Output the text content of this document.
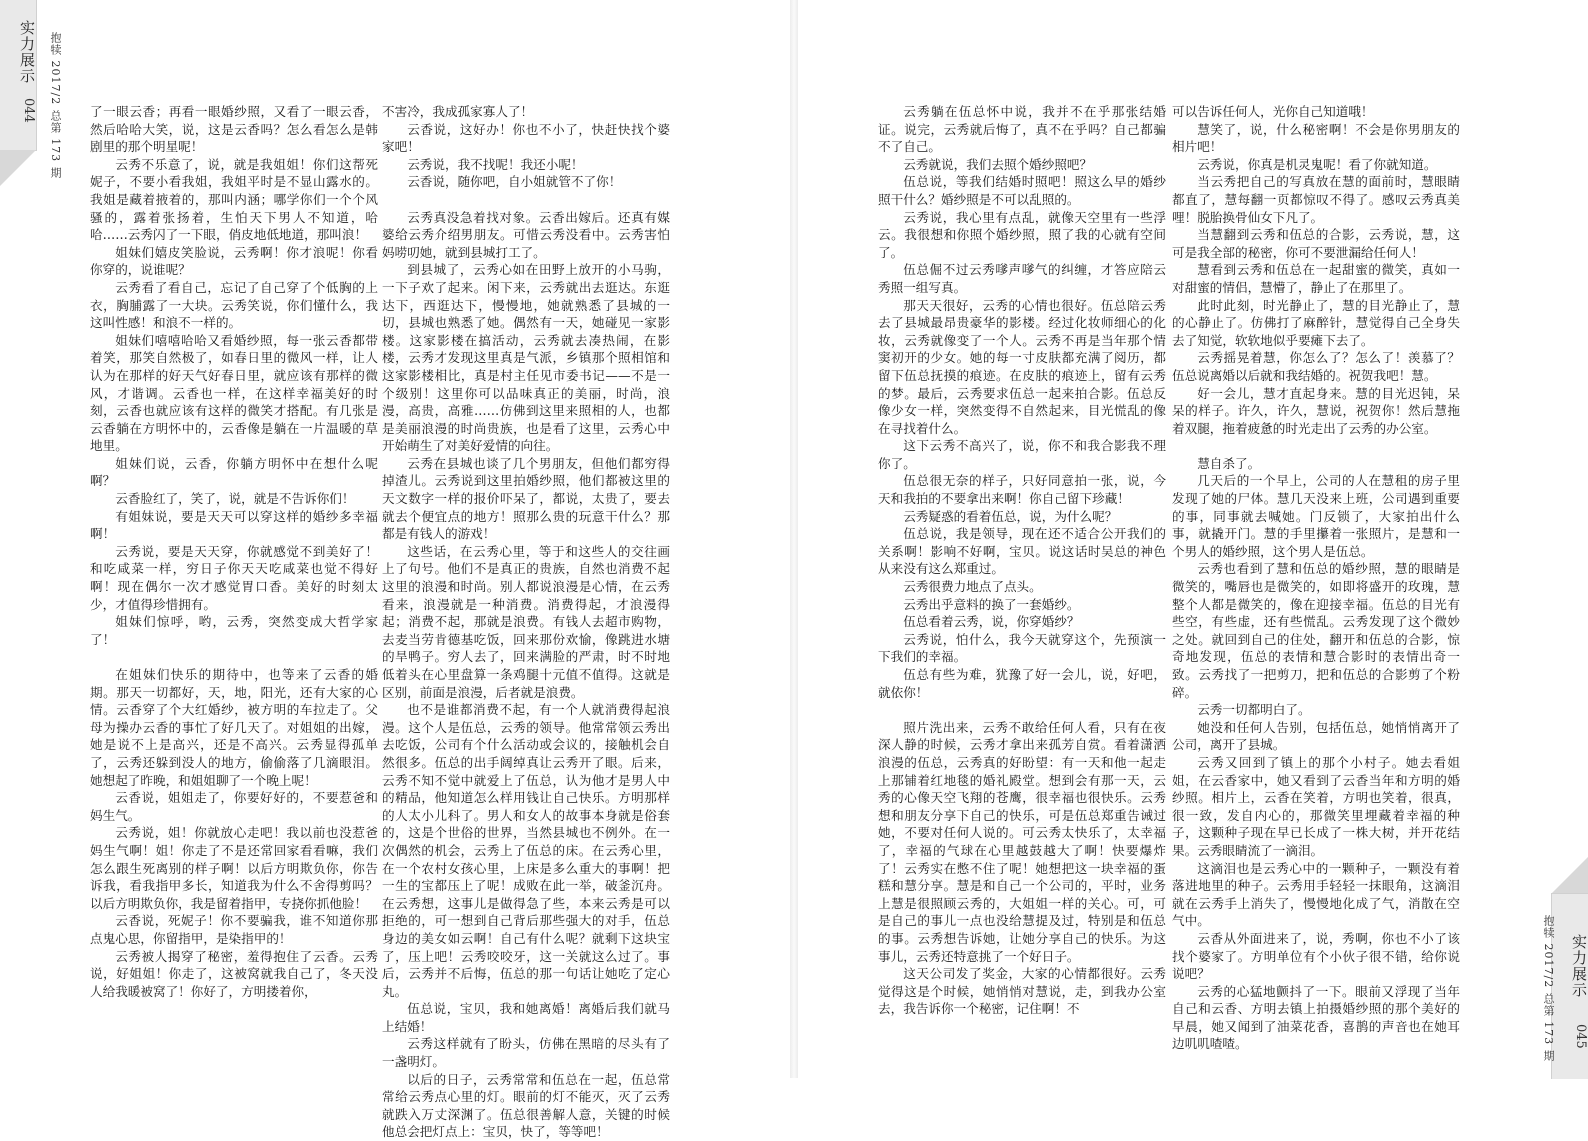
实力展示
044 抱犊 2017/2 总第 173 期 了一眼云香；再看一眼婚纱照，又看了一眼云香，然后哈哈大笑，说，这是云香吗？怎么看怎么是韩剧里的那个明星呢！

云秀不乐意了，说，就是我姐姐！你们这帮死妮子，不要小看我姐，我姐平时是不显山露水的。我姐是藏着掖着的，那叫内涵；哪学你们一个个风骚的，露着张扬着，生怕天下男人不知道，哈哈……云秀闪了一下眼，俏皮地低地道，那叫浪！

姐妹们嬉皮笑脸说，云秀啊！你才浪呢！你看你穿的，说谁呢？

云秀看了看自己，忘记了自己穿了个低胸的上衣，胸脯露了一大块。云秀笑说，你们懂什么，我这叫性感！和浪不一样的。

姐妹们嘻嘻哈哈又看婚纱照，每一张云香都带着笑，那笑自然极了，如春日里的微风一样，让人认为在那样的好天气好春日里，就应该有那样的微风，才谐调。云香也一样，在这样幸福美好的时刻，云香也就应该有这样的微笑才搭配。有几张是云香躺在方明怀中的，云香像是躺在一片温暖的草地里。

姐妹们说，云香，你躺方明怀中在想什么呢啊？

云香脸红了，笑了，说，就是不告诉你们！

有姐妹说，要是天天可以穿这样的婚纱多幸福啊！

云秀说，要是天天穿，你就感觉不到美好了！和吃咸菜一样，穷日子你天天吃咸菜也觉不得好啊！现在偶尔一次才感觉胃口香。美好的时刻太少，才值得珍惜拥有。

姐妹们惊呼，哟，云秀，突然变成大哲学家了！

在姐妹们快乐的期待中，也等来了云香的婚期。那天一切都好，天，地，阳光，还有大家的心情。云香穿了个大红婚纱，被方明的车拉走了。父母为操办云香的事忙了好几天了。对姐姐的出嫁，她是说不上是高兴，还是不高兴。云秀显得孤单了，云秀还躲到没人的地方，偷偷落了几滴眼泪。她想起了昨晚，和姐姐聊了一个晚上呢！

云香说，姐姐走了，你要好好的，不要惹爸和妈生气。

云秀说，姐！你就放心走吧！我以前也没惹爸妈生气啊！姐！你走了不是还常回家看看嘛，我们怎么跟生死离别的样子啊！以后方明欺负你，你告诉我，看我指甲多长，知道我为什么不舍得剪吗？以后方明欺负你，我是留着指甲，专挠你抓他脸！

云香说，死妮子！你不要骗我，谁不知道你那点鬼心思，你留指甲，是染指甲的！

云秀被人揭穿了秘密，羞得抱住了云香。云秀说，好姐姐！你走了，这被窝就我自己了，冬天没人给我暖被窝了！你好了，方明搂着你，

不害冷，我成孤家寡人了！

云香说，这好办！你也不小了，快赶快找个婆家吧！

云秀说，我不找呢！我还小呢！

云香说，随你吧，自小姐就管不了你！

云秀真没急着找对象。云香出嫁后。还真有媒婆给云秀介绍男朋友。可惜云秀没看中。云秀害怕妈唠叨她，就到县城打工了。

到县城了，云秀心如在田野上放开的小马驹，一下子欢了起来。闲下来，云秀就出去逛达。东逛达下，西逛达下，慢慢地，她就熟悉了县城的一切，县城也熟悉了她。偶然有一天，她碰见一家影楼。这家影楼在搞活动，云秀就去凑热闹，在影楼，云秀才发现这里真是气派，乡镇那个照相馆和这家影楼相比，真是村主任见市委书记——不是一个级别！这里你可以品味真正的美丽，时尚，浪漫，高贵，高雅……仿佛到这里来照相的人，也都是美丽浪漫的时尚贵族，也是看了这里，云秀心中开始萌生了对美好爱情的向往。

云秀在县城也谈了几个男朋友，但他们都穷得掉渣儿。云秀说到这里拍婚纱照，他们都被这里的天文数字一样的报价吓呆了，都说，太贵了，要去就去个便宜点的地方！照那么贵的玩意干什么？那都是有钱人的游戏！

这些话，在云秀心里，等于和这些人的交往画上了句号。他们不是真正的贵族，自然也消费不起这里的浪漫和时尚。别人都说浪漫是心情，在云秀看来，浪漫就是一种消费。消费得起，才浪漫得起；消费不起，那就是浪费。有钱人去超市购物，去麦当劳肯德基吃饭，回来那份欢愉，像跳进水塘的旱鸭子。穷人去了，回来满脸的严肃，时不时地低着头在心里盘算一条鸡腿十元值不值得。这就是区别，前面是浪漫，后者就是浪费。

也不是谁都消费不起，有一个人就消费得起浪漫。这个人是伍总，云秀的领导。他常常领云秀出去吃饭，公司有个什么活动或会议的，接触机会自然很多。伍总的出手阔绰真让云秀开了眼。后来，云秀不知不觉中就爱上了伍总，认为他才是男人中的精品，他知道怎么样用钱让自己快乐。方明那样的人太小儿科了。男人和女人的故事本身就是俗套的，这是个世俗的世界，当然县城也不例外。在一次偶然的机会，云秀上了伍总的床。在云秀心里，在一个农村女孩心里，上床是多么重大的事啊！把一生的宝都压上了呢！成败在此一举，破釜沉舟。在云秀想，这事儿是做得急了些，本来云秀是可以拒绝的，可一想到自己背后那些强大的对手，伍总身边的美女如云啊！自己有什么呢？就剩下这块宝了，压上吧！云秀咬咬牙，这一关就这么过了。事后，云秀并不后悔，伍总的那一句话让她吃了定心丸。

伍总说，宝贝，我和她离婚！离婚后我们就马上结婚！

云秀这样就有了盼头，仿佛在黑暗的尽头有了一盏明灯。

以后的日子，云秀常常和伍总在一起，伍总常常给云秀点心里的灯。眼前的灯不能灭，灭了云秀就跌入万丈深渊了。伍总很善解人意，关键的时候他总会把灯点上：宝贝，快了，等等吧！

云秀躺在伍总怀中说，我并不在乎那张结婚证。说完，云秀就后悔了，真不在乎吗？自己都骗不了自己。

云秀就说，我们去照个婚纱照吧？

伍总说，等我们结婚时照吧！照这么早的婚纱照干什么？婚纱照是不可以乱照的。

云秀说，我心里有点乱，就像天空里有一些浮云。我很想和你照个婚纱照，照了我的心就有空间了。

伍总倔不过云秀嗲声嗲气的纠缠，才答应陪云秀照一组写真。

那天天很好，云秀的心情也很好。伍总陪云秀去了县城最昂贵豪华的影楼。经过化妆师细心的化妆，云秀就像变了一个人。云秀不再是当年那个情窦初开的少女。她的每一寸皮肤都充满了阅历，都留下伍总抚摸的痕迹。在皮肤的痕迹上，留有云秀的梦。最后，云秀要求伍总一起来拍合影。伍总反像少女一样，突然变得不自然起来，目光慌乱的像在寻找着什么。

这下云秀不高兴了，说，你不和我合影我不理你了。

伍总很无奈的样子，只好同意拍一张，说，今天和我拍的不要拿出来啊！你自己留下珍藏！

云秀疑惑的看着伍总，说，为什么呢？

伍总说，我是领导，现在还不适合公开我们的关系啊！影响不好啊，宝贝。说这话时吴总的神色从来没有这么郑重过。

云秀很费力地点了点头。

云秀出乎意料的换了一套婚纱。

伍总看着云秀，说，你穿婚纱？

云秀说，怕什么，我今天就穿这个，先预演一下我们的幸福。

伍总有些为难，犹豫了好一会儿，说，好吧，就依你！

照片洗出来，云秀不敢给任何人看，只有在夜深人静的时候，云秀才拿出来孤芳自赏。看着潇洒浪漫的伍总，云秀真的好盼望：有一天和他一起走上那铺着红地毯的婚礼殿堂。想到会有那一天，云秀的心像天空飞翔的苍鹰，很幸福也很快乐。云秀想和朋友分享下自己的快乐，可是伍总郑重告诫过她，不要对任何人说的。可云秀太快乐了，太幸福了，幸福的气球在心里越鼓越大了啊！快要爆炸了！云秀实在憋不住了呢！她想把这一块幸福的蛋糕和慧分享。慧是和自己一个公司的，平时，业务上慧是很照顾云秀的，大姐姐一样的关心。可，可是自己的事儿一点也没给慧提及过，特别是和伍总的事。云秀想告诉她，让她分享自己的快乐。为这事儿，云秀还特意挑了一个好日子。

这天公司发了奖金，大家的心情都很好。云秀觉得这是个时候，她悄悄对慧说，走，到我办公室去，我告诉你一个秘密，记住啊！不

可以告诉任何人，光你自己知道哦！

慧笑了，说，什么秘密啊！不会是你男朋友的相片吧！

云秀说，你真是机灵鬼呢！看了你就知道。

当云秀把自己的写真放在慧的面前时，慧眼睛都直了，慧每翻一页都惊叹不得了。感叹云秀真美哩！脱胎换骨仙女下凡了。

当慧翻到云秀和伍总的合影，云秀说，慧，这可是我全部的秘密，你可不要泄漏给任何人！

慧看到云秀和伍总在一起甜蜜的微笑，真如一对甜蜜的情侣，慧懵了，静止了在那里了。

此时此刻，时光静止了，慧的目光静止了，慧的心静止了。仿佛打了麻醉针，慧觉得自己全身失去了知觉，软软地似乎要瘫下去了。

云秀摇晃着慧，你怎么了？怎么了！羡慕了？伍总说离婚以后就和我结婚的。祝贺我吧！慧。

好一会儿，慧才直起身来。慧的目光迟钝，呆呆的样子。许久，许久，慧说，祝贺你！然后慧拖着双腿，拖着疲惫的时光走出了云秀的办公室。

慧自杀了。

几天后的一个早上，公司的人在慧租的房子里发现了她的尸体。慧几天没来上班，公司遇到重要的事，同事就去喊她。门反锁了，大家拍出什么事，就撬开门。慧的手里攥着一张照片，是慧和一个男人的婚纱照，这个男人是伍总。

云秀也看到了慧和伍总的婚纱照，慧的眼睛是微笑的，嘴唇也是微笑的，如即将盛开的玫瑰，慧整个人都是微笑的，像在迎接幸福。伍总的目光有些空，有些虚，还有些慌乱。云秀发现了这个微妙之处。就回到自己的住处，翻开和伍总的合影，惊奇地发现，伍总的表情和慧合影时的表情出奇一致。云秀找了一把剪刀，把和伍总的合影剪了个粉碎。

云秀一切都明白了。

她没和任何人告别，包括伍总，她悄悄离开了公司，离开了县城。

云秀又回到了镇上的那个小村子。她去看姐姐，在云香家中，她又看到了云香当年和方明的婚纱照。相片上，云香在笑着，方明也笑着，很真，很一致，发自内心的，那微笑里埋藏着幸福的种子，这颗种子现在早已长成了一株大树，并开花结果。云秀眼睛流了一滴泪。

这滴泪也是云秀心中的一颗种子，一颗没有着落进地里的种子。云秀用手轻轻一抹眼角，这滴泪就在云秀手上消失了，慢慢地化成了气，消散在空气中。

云香从外面进来了，说，秀啊，你也不小了该找个婆家了。方明单位有个小伙子很不错，给你说说吧？

云秀的心猛地颤抖了一下。眼前又浮现了当年自己和云香、方明去镇上拍摄婚纱照的那个美好的早晨，她又闻到了油菜花香，喜鹊的声音也在她耳边叽叽喳喳。

实力展示
045
抱犊 2017/2 总第 173 期
